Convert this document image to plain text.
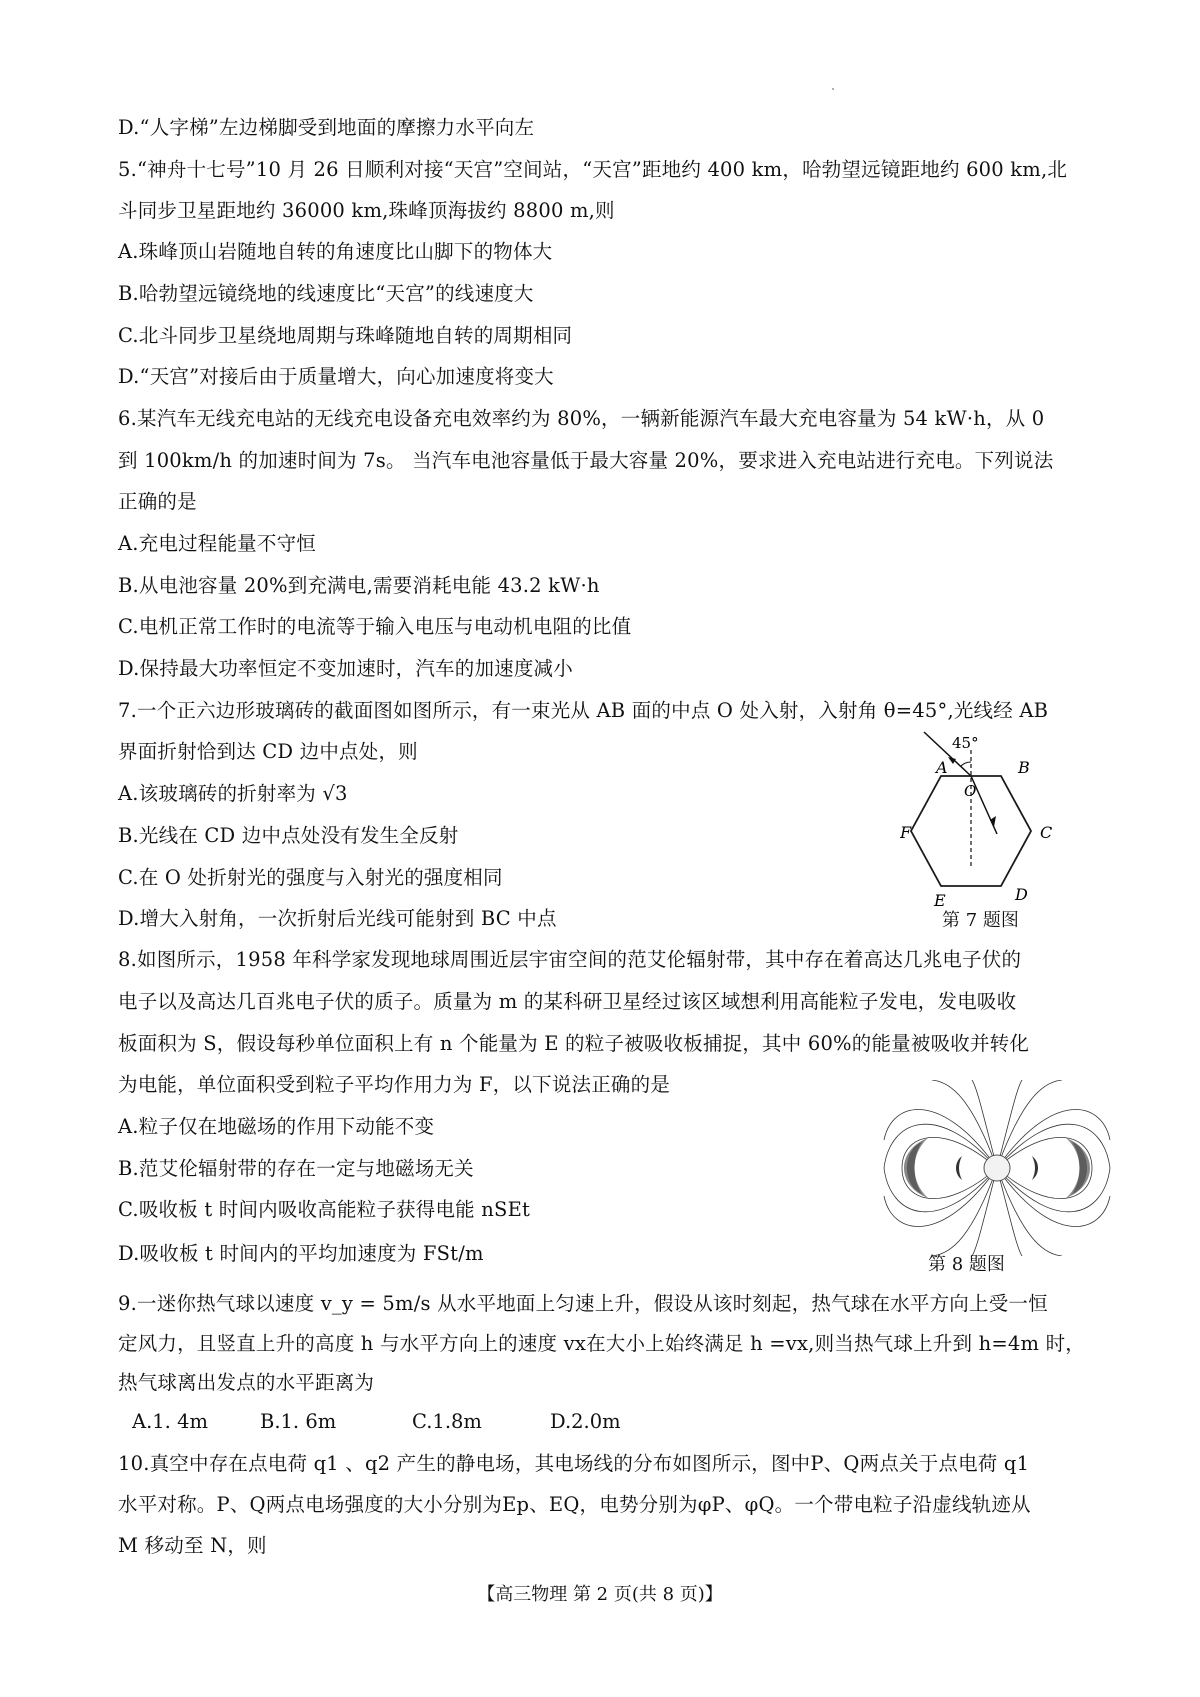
D.“人字梯”左边梯脚受到地面的摩擦力水平向左
5.“神舟十七号”10 月 26 日顺利对接“天宫”空间站，“天宫”距地约 400 km，哈勃望远镜距地约 600 km,北
斗同步卫星距地约 36000 km,珠峰顶海拔约 8800 m,则
A.珠峰顶山岩随地自转的角速度比山脚下的物体大
B.哈勃望远镜绕地的线速度比“天宫”的线速度大
C.北斗同步卫星绕地周期与珠峰随地自转的周期相同
D.“天宫”对接后由于质量增大，向心加速度将变大
6.某汽车无线充电站的无线充电设备充电效率约为 80%，一辆新能源汽车最大充电容量为 54 kW·h，从 0
到 100km/h 的加速时间为 7s。 当汽车电池容量低于最大容量 20%，要求进入充电站进行充电。下列说法
正确的是
A.充电过程能量不守恒
B.从电池容量 20%到充满电,需要消耗电能 43.2 kW·h
C.电机正常工作时的电流等于输入电压与电动机电阻的比值
D.保持最大功率恒定不变加速时，汽车的加速度减小
7.一个正六边形玻璃砖的截面图如图所示，有一束光从 AB 面的中点 O 处入射，入射角 θ=45°,光线经 AB
界面折射恰到达 CD 边中点处，则
A.该玻璃砖的折射率为 √3
B.光线在 CD 边中点处没有发生全反射
C.在 O 处折射光的强度与入射光的强度相同
D.增大入射角，一次折射后光线可能射到 BC 中点
45°
A	B
C
D
E
F
O
第 7 题图
8.如图所示，1958 年科学家发现地球周围近层宇宙空间的范艾伦辐射带，其中存在着高达几兆电子伏的
电子以及高达几百兆电子伏的质子。质量为 m 的某科研卫星经过该区域想利用高能粒子发电，发电吸收
板面积为 S，假设每秒单位面积上有 n 个能量为 E 的粒子被吸收板捕捉，其中 60%的能量被吸收并转化
为电能，单位面积受到粒子平均作用力为 F，以下说法正确的是
A.粒子仅在地磁场的作用下动能不变
B.范艾伦辐射带的存在一定与地磁场无关
C.吸收板 t 时间内吸收高能粒子获得电能 nSEt
D.吸收板 t 时间内的平均加速度为 FSt/m	第 8 题图
9.一迷你热气球以速度 v_y = 5m/s 从水平地面上匀速上升，假设从该时刻起，热气球在水平方向上受一恒
定风力，且竖直上升的高度 h 与水平方向上的速度 vx在大小上始终满足 h =vx,则当热气球上升到 h=4m 时，
热气球离出发点的水平距离为
A.1. 4m	B.1. 6m	C.1.8m	D.2.0m
10.真空中存在点电荷 q1 、q2 产生的静电场，其电场线的分布如图所示，图中P、Q两点关于点电荷 q1
水平对称。P、Q两点电场强度的大小分别为Ep、EQ，电势分别为φP、φQ。一个带电粒子沿虚线轨迹从
M 移动至 N，则
【高三物理 第 2 页(共 8 页)】
